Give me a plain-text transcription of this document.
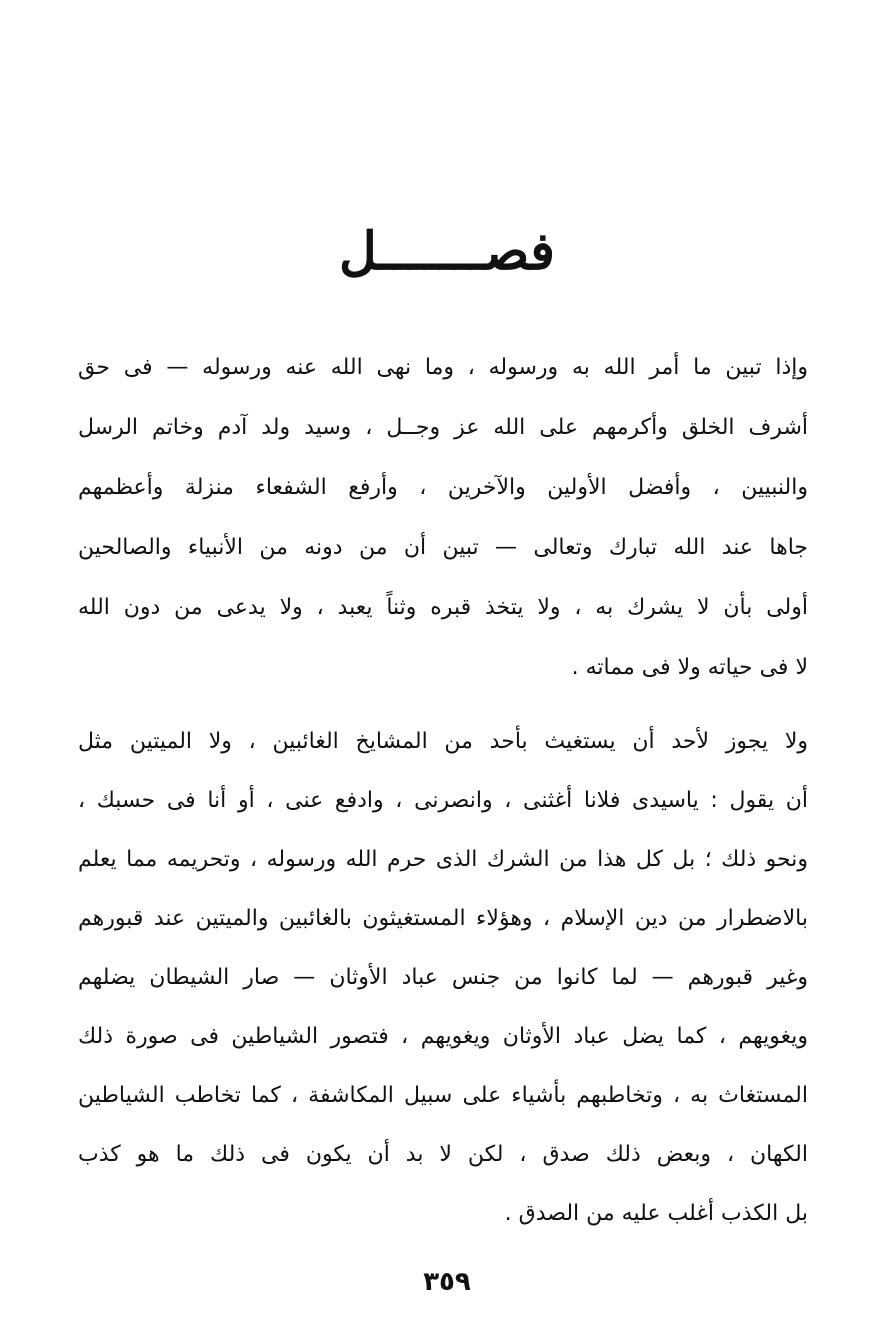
فصـــــــل
وإذا تبين ما أمر الله به ورسوله ، وما نهى الله عنه ورسوله — فى حق
أشرف الخلق وأكرمهم على الله عز وجــل ، وسيد ولد آدم وخاتم الرسل
والنبيين ، وأفضل الأولين والآخرين ، وأرفع الشفعاء منزلة وأعظمهم
جاها عند الله تبارك وتعالى — تبين أن من دونه من الأنبياء والصالحين
أولى بأن لا يشرك به ، ولا يتخذ قبره وثناً يعبد ، ولا يدعى من دون الله
لا فى حياته ولا فى مماته .
ولا يجوز لأحد أن يستغيث بأحد من المشايخ الغائبين ، ولا الميتين مثل
أن يقول : ياسيدى فلانا أغثنى ، وانصرنى ، وادفع عنى ، أو أنا فى حسبك ،
ونحو ذلك ؛ بل كل هذا من الشرك الذى حرم الله ورسوله ، وتحريمه مما يعلم
بالاضطرار من دين الإسلام ، وهؤلاء المستغيثون بالغائبين والميتين عند قبورهم
وغير قبورهم — لما كانوا من جنس عباد الأوثان — صار الشيطان يضلهم
ويغويهم ، كما يضل عباد الأوثان ويغويهم ، فتصور الشياطين فى صورة ذلك
المستغاث به ، وتخاطبهم بأشياء على سبيل المكاشفة ، كما تخاطب الشياطين
الكهان ، وبعض ذلك صدق ، لكن لا بد أن يكون فى ذلك ما هو كذب
بل الكذب أغلب عليه من الصدق .
٣٥٩
